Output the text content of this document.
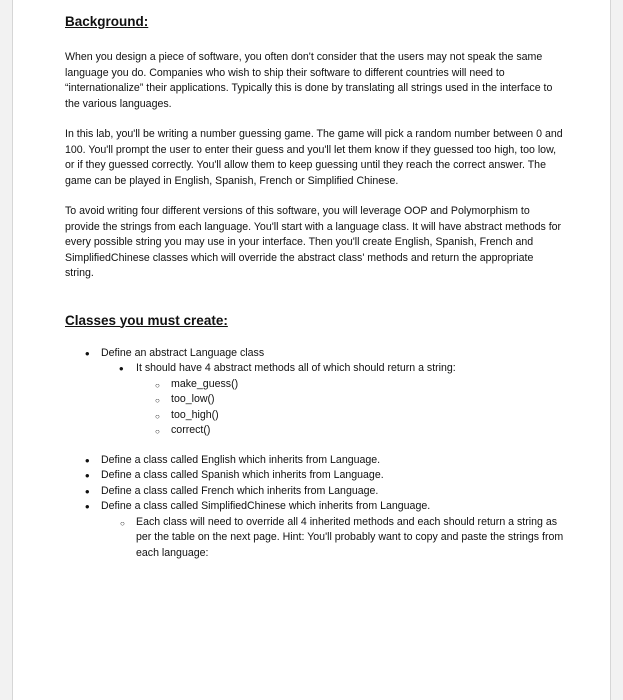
Background:

When you design a piece of software, you often don't consider that the users may not speak the same language you do. Companies who wish to ship their software to different countries will need to “internationalize” their applications. Typically this is done by translating all strings used in the interface to the various languages.

In this lab, you'll be writing a number guessing game. The game will pick a random number between 0 and 100. You'll prompt the user to enter their guess and you'll let them know if they guessed too high, too low, or if they guessed correctly. You'll allow them to keep guessing until they reach the correct answer. The game can be played in English, Spanish, French or Simplified Chinese.

To avoid writing four different versions of this software, you will leverage OOP and Polymorphism to provide the strings from each language. You'll start with a language class. It will have abstract methods for every possible string you may use in your interface. Then you'll create English, Spanish, French and SimplifiedChinese classes which will override the abstract class' methods and return the appropriate string.

Classes you must create:
• Define an abstract Language class
• It should have 4 abstract methods all of which should return a string:
○ make_guess()
○ too_low()
○ too_high()
○ correct()
• Define a class called English which inherits from Language.
• Define a class called Spanish which inherits from Language.
• Define a class called French which inherits from Language.
• Define a class called SimplifiedChinese which inherits from Language.
○ Each class will need to override all 4 inherited methods and each should return a string as per the table on the next page. Hint: You'll probably want to copy and paste the strings from each language:
